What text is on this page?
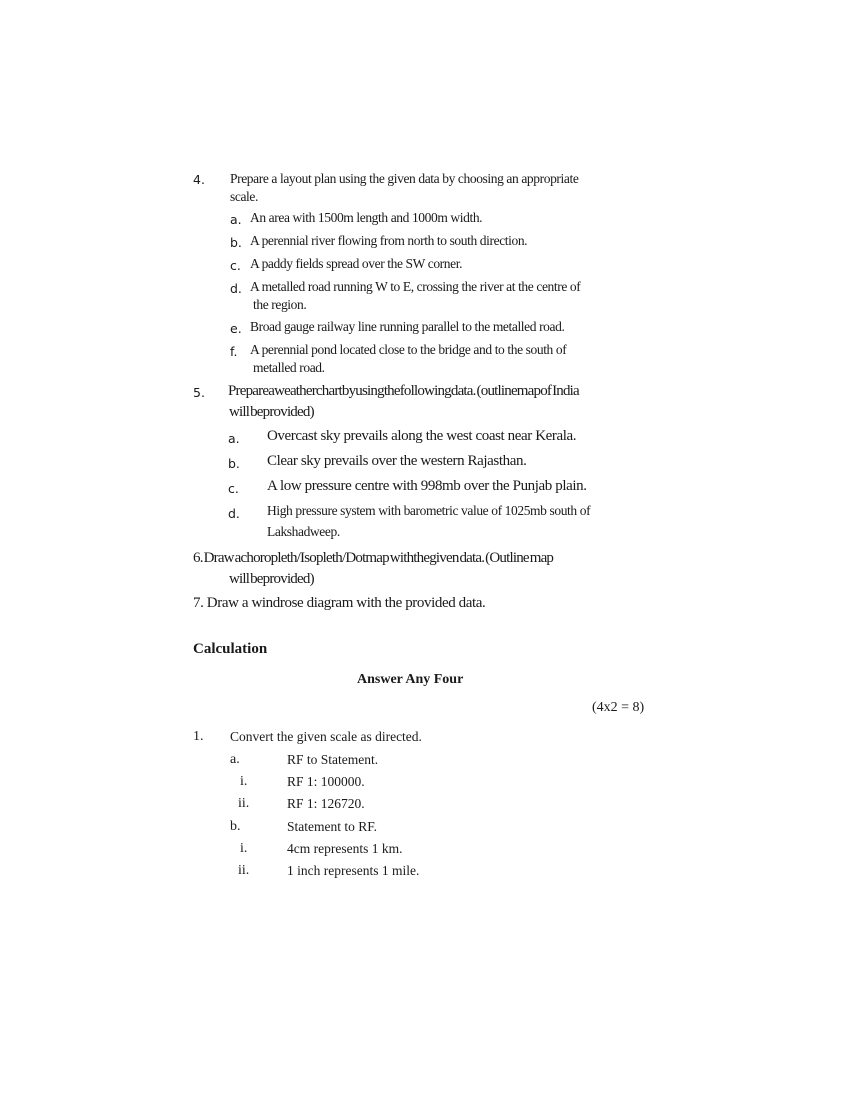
4. Prepare a layout plan using the given data by choosing an appropriate
scale.
a. An area with 1500m length and 1000m width.
b. A perennial river flowing from north to south direction.
c. A paddy fields spread over the SW corner.
d. A metalled road running W to E, crossing the river at the centre of
the region.
e. Broad gauge railway line running parallel to the metalled road.
f. A perennial pond located close to the bridge and to the south of
metalled road.
5. Prepareaweatherchartbyusingthefollowingdata. (outlinemapof India
will beprovided)
a. Overcast sky prevails along the west coast near Kerala.
b. Clear sky prevails over the western Rajasthan.
c. A low pressure centre with 998mb over the Punjab plain.
d. High pressure system with barometric value of 1025mb south of
Lakshadweep.
6. Draw achoropleth/Isopleth/Dotmap withthegiven data. (Outline map
will beprovided)
7. Draw a windrose diagram with the provided data.
Calculation
Answer Any Four
(4x2 = 8)
1. Convert the given scale as directed.
a.	RF to Statement.
i.	RF 1: 100000.
ii.	RF 1: 126720.
b.	Statement to RF.
i.	4cm represents 1 km.
ii.	1 inch represents 1 mile.
